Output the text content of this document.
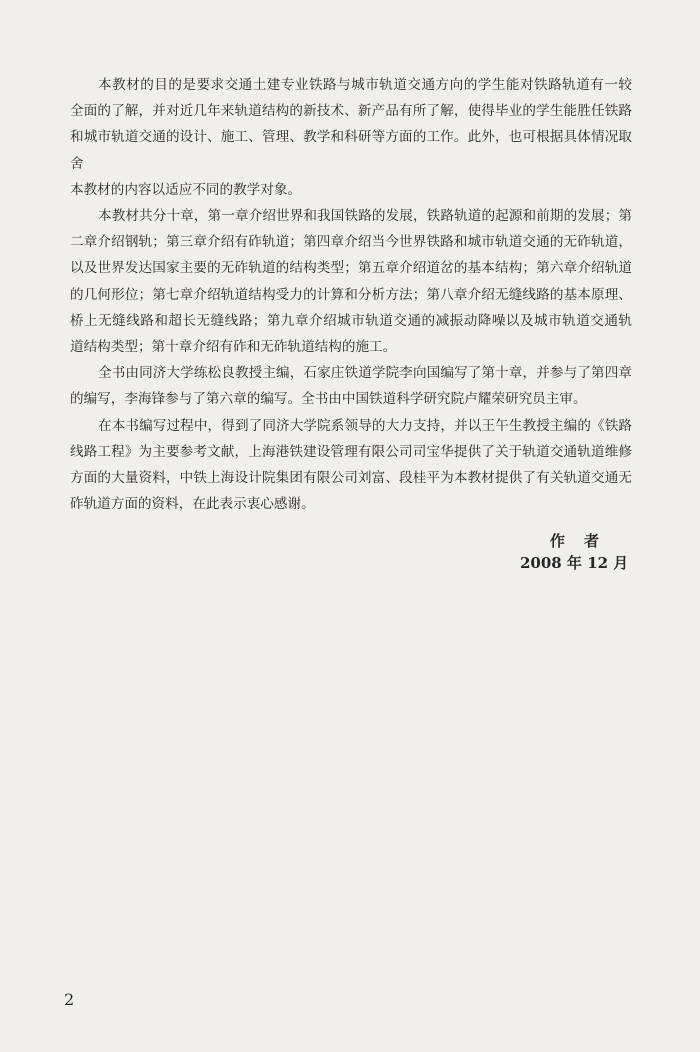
本教材的目的是要求交通土建专业铁路与城市轨道交通方向的学生能对铁路轨道有一较
全面的了解，并对近几年来轨道结构的新技术、新产品有所了解，使得毕业的学生能胜任铁路
和城市轨道交通的设计、施工、管理、教学和科研等方面的工作。此外，也可根据具体情况取舍
本教材的内容以适应不同的教学对象。
本教材共分十章，第一章介绍世界和我国铁路的发展，铁路轨道的起源和前期的发展；第
二章介绍钢轨；第三章介绍有砟轨道；第四章介绍当今世界铁路和城市轨道交通的无砟轨道，
以及世界发达国家主要的无砟轨道的结构类型；第五章介绍道岔的基本结构；第六章介绍轨道
的几何形位；第七章介绍轨道结构受力的计算和分析方法；第八章介绍无缝线路的基本原理、
桥上无缝线路和超长无缝线路；第九章介绍城市轨道交通的减振动降噪以及城市轨道交通轨
道结构类型；第十章介绍有砟和无砟轨道结构的施工。
全书由同济大学练松良教授主编，石家庄铁道学院李向国编写了第十章，并参与了第四章
的编写，李海锋参与了第六章的编写。全书由中国铁道科学研究院卢耀荣研究员主审。
在本书编写过程中，得到了同济大学院系领导的大力支持，并以王午生教授主编的《铁路
线路工程》为主要参考文献，上海港铁建设管理有限公司司宝华提供了关于轨道交通轨道维修
方面的大量资料，中铁上海设计院集团有限公司刘富、段桂平为本教材提供了有关轨道交通无
砟轨道方面的资料，在此表示衷心感谢。
作　者
2008 年 12 月
2
